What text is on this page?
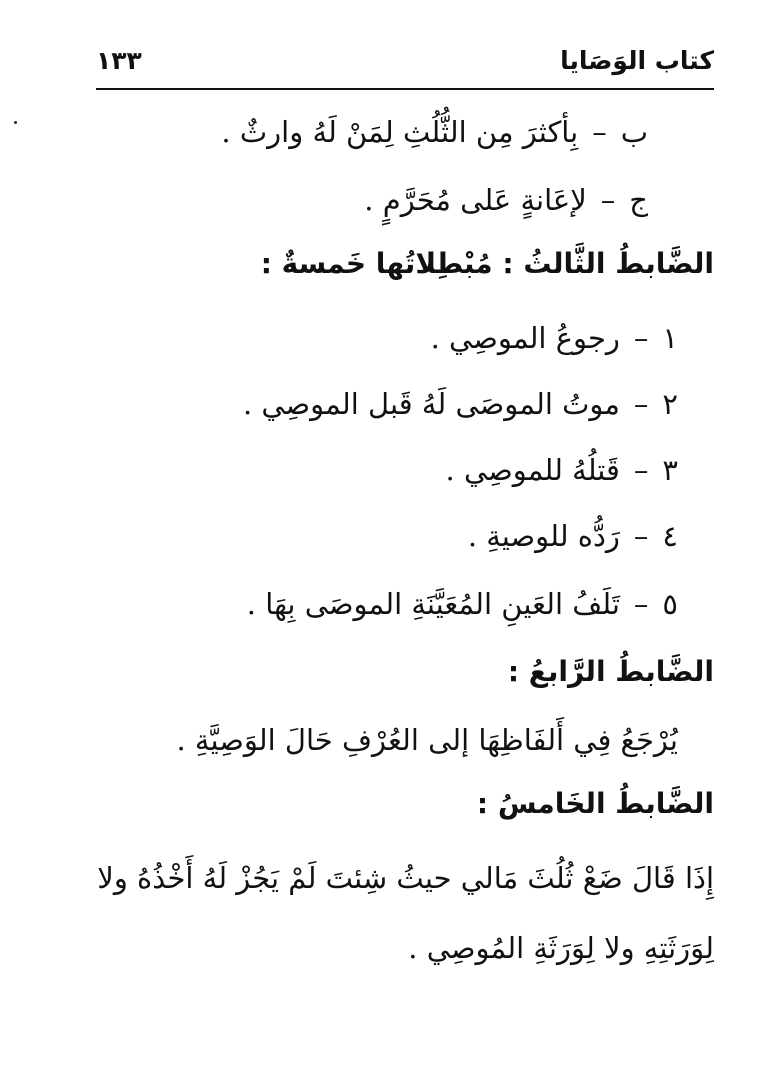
كتاب الوَصَايا
١٣٣
ب–بِأكثرَ مِن الثُّلُثِ لِمَنْ لَهُ وارثٌ .
ج–لإعَانةٍ عَلى مُحَرَّمٍ .
الضَّابطُ الثَّالثُ : مُبْطِلاتُها خَمسةٌ :
١–رجوعُ الموصِي .
٢–موتُ الموصَى لَهُ قَبل الموصِي .
٣–قَتلُهُ للموصِي .
٤–رَدُّه للوصيةِ .
٥–تَلَفُ العَينِ المُعَيَّنَةِ الموصَى بِهَا .
الضَّابطُ الرَّابعُ :
يُرْجَعُ فِي أَلفَاظِهَا إلى العُرْفِ حَالَ الوَصِيَّةِ .
الضَّابطُ الخَامسُ :
إِذَا قَالَ ضَعْ ثُلُثَ مَالي حيثُ شِئتَ لَمْ يَجُزْ لَهُ أَخْذُهُ ولا
لِوَرَثَتِهِ ولا لِوَرَثَةِ المُوصِي .
